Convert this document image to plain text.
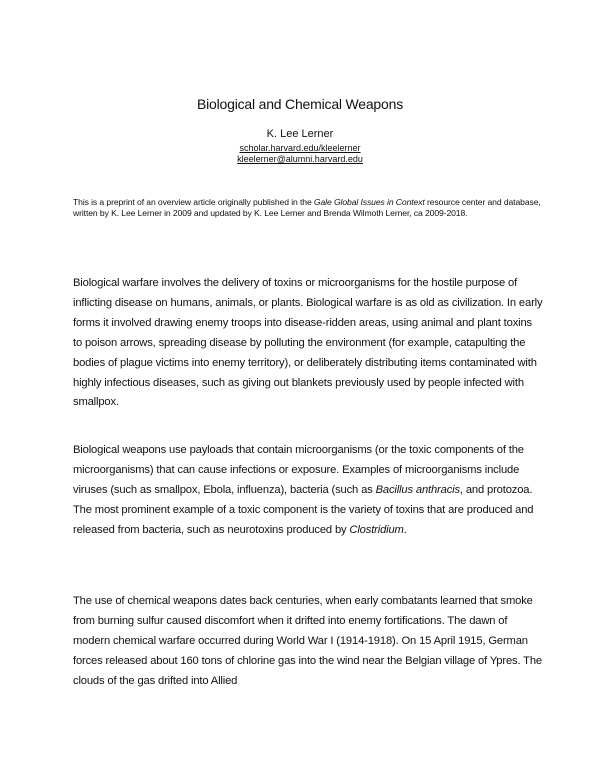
Biological and Chemical Weapons
K. Lee Lerner
scholar.harvard.edu/kleelerner
kleelerner@alumni.harvard.edu
This is a preprint of an overview article originally published in the Gale Global Issues in Context resource center and database, written by K. Lee Lerner in 2009 and updated by K. Lee Lerner and Brenda Wilmoth Lerner, ca 2009-2018.

Biological warfare involves the delivery of toxins or microorganisms for the hostile purpose of inflicting disease on humans, animals, or plants. Biological warfare is as old as civilization. In early forms it involved drawing enemy troops into disease-ridden areas, using animal and plant toxins to poison arrows, spreading disease by polluting the environment (for example, catapulting the bodies of plague victims into enemy territory), or deliberately distributing items contaminated with highly infectious diseases, such as giving out blankets previously used by people infected with smallpox.

Biological weapons use payloads that contain microorganisms (or the toxic components of the microorganisms) that can cause infections or exposure. Examples of microorganisms include viruses (such as smallpox, Ebola, influenza), bacteria (such as Bacillus anthracis, and protozoa. The most prominent example of a toxic component is the variety of toxins that are produced and released from bacteria, such as neurotoxins produced by Clostridium.

The use of chemical weapons dates back centuries, when early combatants learned that smoke from burning sulfur caused discomfort when it drifted into enemy fortifications. The dawn of modern chemical warfare occurred during World War I (1914-1918). On 15 April 1915, German forces released about 160 tons of chlorine gas into the wind near the Belgian village of Ypres. The clouds of the gas drifted into Allied
